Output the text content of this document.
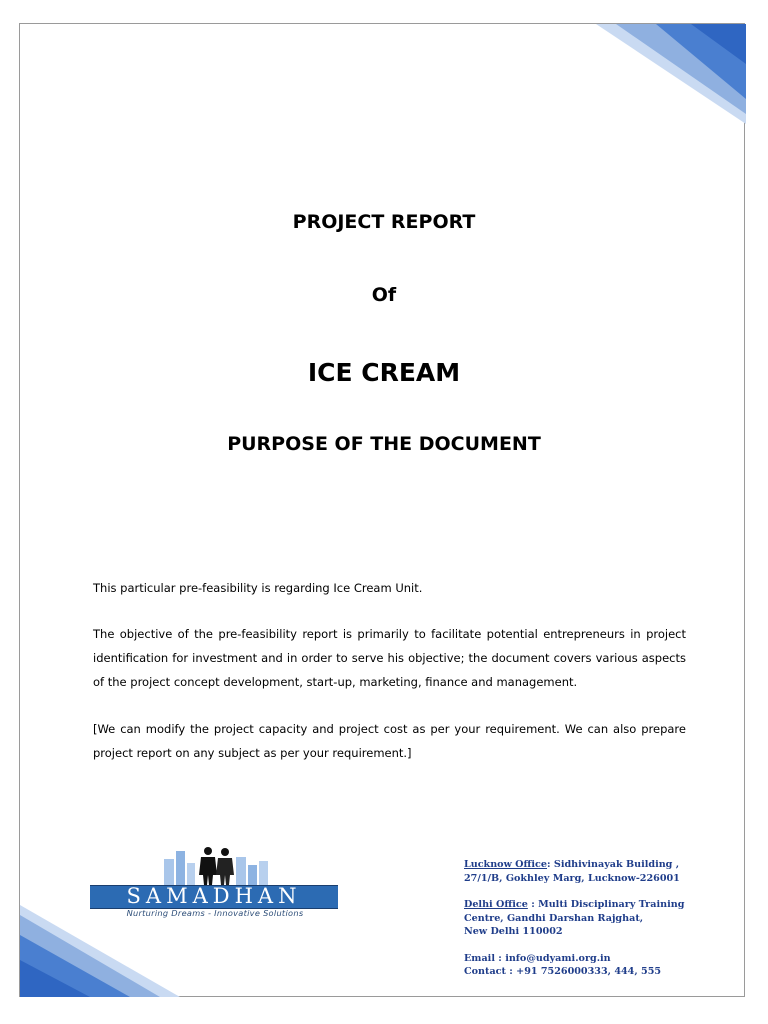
PROJECT REPORT
Of
ICE CREAM
PURPOSE OF THE DOCUMENT
This particular pre-feasibility is regarding Ice Cream Unit.
The objective of the pre-feasibility report is primarily to facilitate potential entrepreneurs in project identification for investment and in order to serve his objective; the document covers various aspects of the project concept development, start-up, marketing, finance and management.
[We can modify the project capacity and project cost as per your requirement. We can also prepare project report on any subject as per your requirement.]
SAMADHAN
Nurturing Dreams - Innovative Solutions
Lucknow Office: Sidhivinayak Building ,
27/1/B, Gokhley Marg, Lucknow-226001
Delhi Office : Multi Disciplinary Training
Centre, Gandhi Darshan Rajghat,
New Delhi 110002
Email : info@udyami.org.in
Contact : +91 7526000333, 444, 555
